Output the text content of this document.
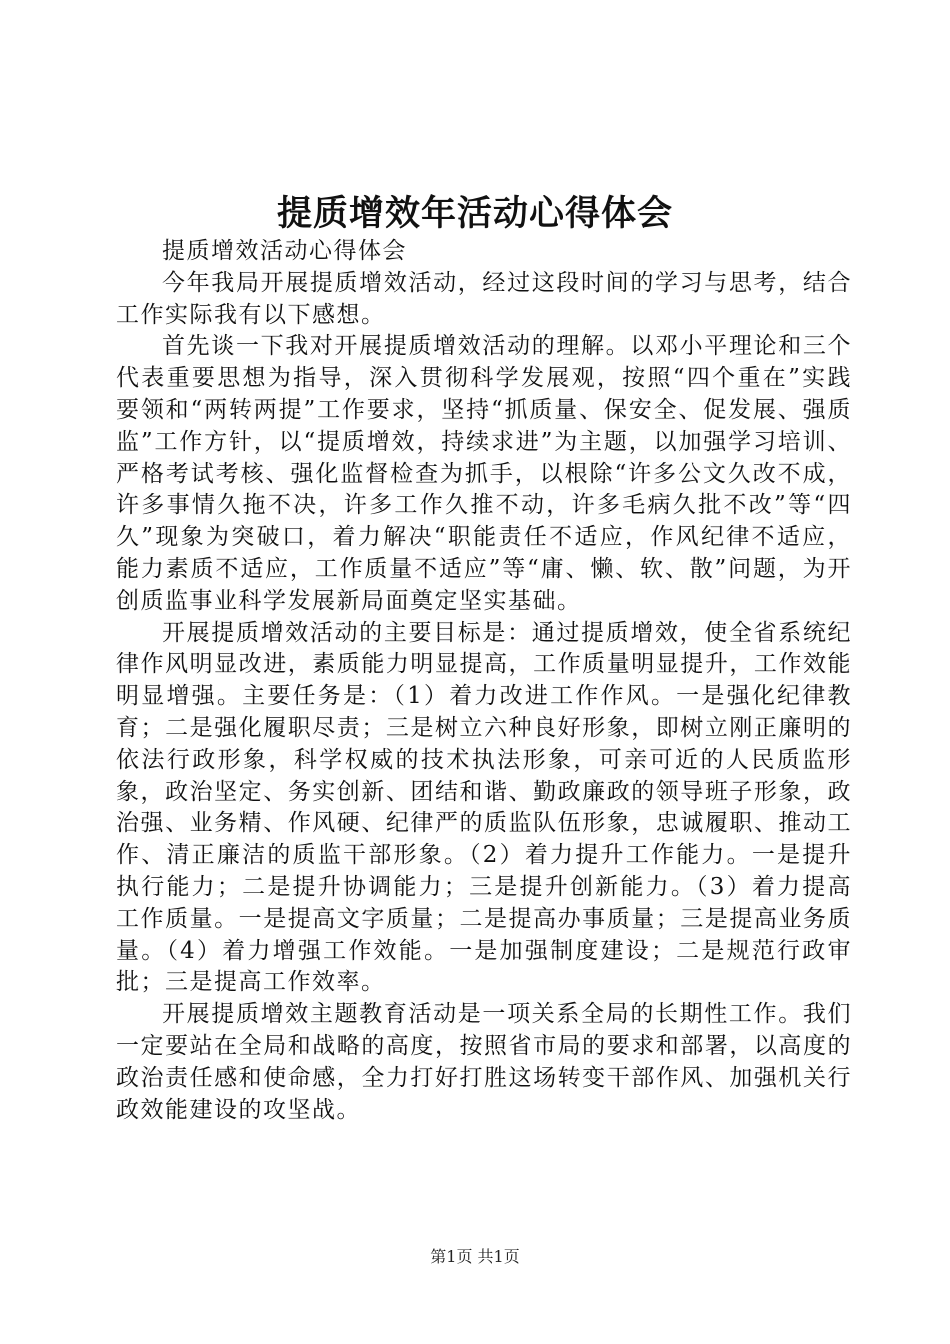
提质增效年活动心得体会

提质增效活动心得体会

今年我局开展提质增效活动，经过这段时间的学习与思考，结合工作实际我有以下感想。

首先谈一下我对开展提质增效活动的理解。以邓小平理论和三个代表重要思想为指导，深入贯彻科学发展观，按照“四个重在”实践要领和“两转两提”工作要求，坚持“抓质量、保安全、促发展、强质监”工作方针，以“提质增效，持续求进”为主题，以加强学习培训、严格考试考核、强化监督检查为抓手，以根除“许多公文久改不成，许多事情久拖不决，许多工作久推不动，许多毛病久批不改”等“四久”现象为突破口，着力解决“职能责任不适应，作风纪律不适应，能力素质不适应，工作质量不适应”等“庸、懒、软、散”问题，为开创质监事业科学发展新局面奠定坚实基础。

开展提质增效活动的主要目标是：通过提质增效，使全省系统纪律作风明显改进，素质能力明显提高，工作质量明显提升，工作效能明显增强。主要任务是：（1）着力改进工作作风。一是强化纪律教育；二是强化履职尽责；三是树立六种良好形象，即树立刚正廉明的依法行政形象，科学权威的技术执法形象，可亲可近的人民质监形象，政治坚定、务实创新、团结和谐、勤政廉政的领导班子形象，政治强、业务精、作风硬、纪律严的质监队伍形象，忠诚履职、推动工作、清正廉洁的质监干部形象。（2）着力提升工作能力。一是提升执行能力；二是提升协调能力；三是提升创新能力。（3）着力提高工作质量。一是提高文字质量；二是提高办事质量；三是提高业务质量。（4）着力增强工作效能。一是加强制度建设；二是规范行政审批；三是提高工作效率。

开展提质增效主题教育活动是一项关系全局的长期性工作。我们一定要站在全局和战略的高度，按照省市局的要求和部署，以高度的政治责任感和使命感，全力打好打胜这场转变干部作风、加强机关行政效能建设的攻坚战。

第1页 共1页
